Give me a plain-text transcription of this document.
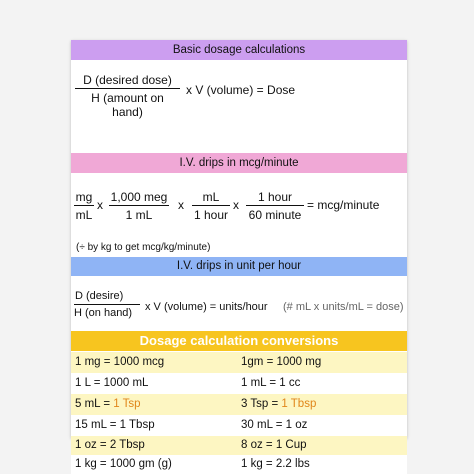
Basic dosage calculations
D (desired dose)
H (amount on hand)
x V (volume) = Dose
I.V. drips in mcg/minute
$\frac{mg}{mL}$ x
1,000 meg
1 mL
x
mL
1 hour
x
1 hour
60 minute
= mcg/minute
(÷ by kg to get mcg/kg/minute)
I.V. drips in unit per hour
D (desire)
H (on hand)	x V (volume) = units/hour (# mL x units/mL = dose)
Dosage calculation conversions
1 mg = 1000 mcg	1gm = 1000 mg
1 L = 1000 mL	1 mL = 1 cc
5 mL = 1 Tsp	3 Tsp = 1 Tbsp
15 mL = 1 Tbsp	30 mL = 1 oz
1 oz = 2 Tbsp	8 oz = 1 Cup
1 kg = 1000 gm (g)	1 kg = 2.2 lbs
